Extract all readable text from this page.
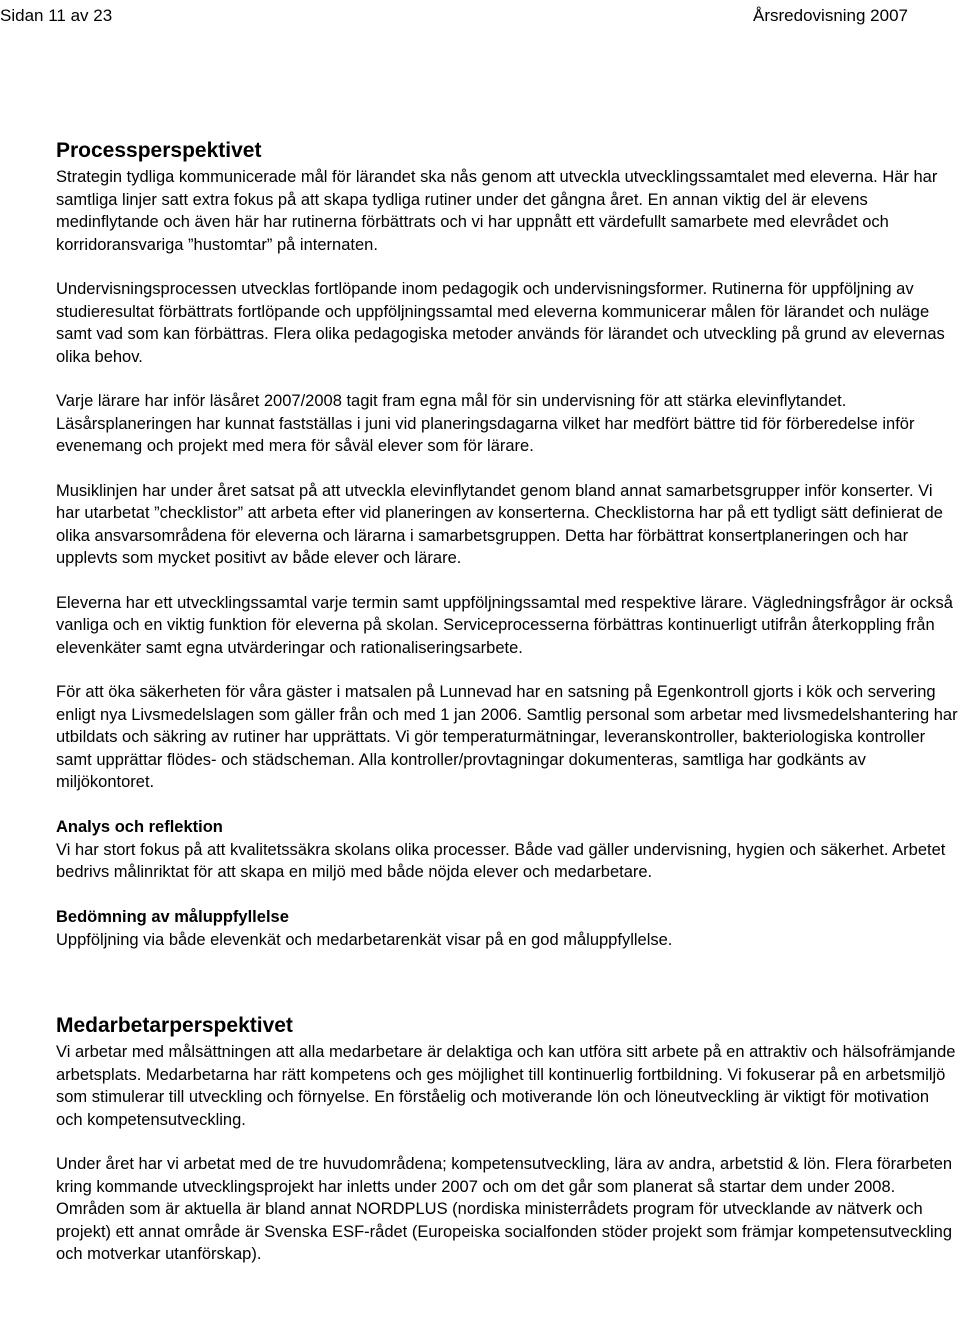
Sidan 11 av 23	Årsredovisning 2007
Processperspektivet

Strategin tydliga kommunicerade mål för lärandet ska nås genom att utveckla utvecklingssamtalet med eleverna. Här har samtliga linjer satt extra fokus på att skapa tydliga rutiner under det gångna året. En annan viktig del är elevens medinflytande och även här har rutinerna förbättrats och vi har uppnått ett värdefullt samarbete med elevrådet och korridoransvariga ”hustomtar” på internaten.

Undervisningsprocessen utvecklas fortlöpande inom pedagogik och undervisningsformer. Rutinerna för uppföljning av studieresultat förbättrats fortlöpande och uppföljningssamtal med eleverna kommunicerar målen för lärandet och nuläge samt vad som kan förbättras. Flera olika pedagogiska metoder används för lärandet och utveckling på grund av elevernas olika behov.

Varje lärare har inför läsåret 2007/2008 tagit fram egna mål för sin undervisning för att stärka elevinflytandet. Läsårsplaneringen har kunnat fastställas i juni vid planeringsdagarna vilket har medfört bättre tid för förberedelse inför evenemang och projekt med mera för såväl elever som för lärare.

Musiklinjen har under året satsat på att utveckla elevinflytandet genom bland annat samarbetsgrupper inför konserter. Vi har utarbetat ”checklistor” att arbeta efter vid planeringen av konserterna. Checklistorna har på ett tydligt sätt definierat de olika ansvarsområdena för eleverna och lärarna i samarbetsgruppen. Detta har förbättrat konsertplaneringen och har upplevts som mycket positivt av både elever och lärare.

Eleverna har ett utvecklingssamtal varje termin samt uppföljningssamtal med respektive lärare. Vägledningsfrågor är också vanliga och en viktig funktion för eleverna på skolan. Serviceprocesserna förbättras kontinuerligt utifrån återkoppling från elevenkäter samt egna utvärderingar och rationaliseringsarbete.

För att öka säkerheten för våra gäster i matsalen på Lunnevad har en satsning på Egenkontroll gjorts i kök och servering enligt nya Livsmedelslagen som gäller från och med 1 jan 2006. Samtlig personal som arbetar med livsmedelshantering har utbildats och säkring av rutiner har upprättats. Vi gör temperaturmätningar, leveranskontroller, bakteriologiska kontroller samt upprättar flödes- och städscheman. Alla kontroller/provtagningar dokumenteras, samtliga har godkänts av miljökontoret.

Analys och reflektion

Vi har stort fokus på att kvalitetssäkra skolans olika processer. Både vad gäller undervisning, hygien och säkerhet. Arbetet bedrivs målinriktat för att skapa en miljö med både nöjda elever och medarbetare.

Bedömning av måluppfyllelse

Uppföljning via både elevenkät och medarbetarenkät visar på en god måluppfyllelse.

Medarbetarperspektivet

Vi arbetar med målsättningen att alla medarbetare är delaktiga och kan utföra sitt arbete på en attraktiv och hälsofrämjande arbetsplats. Medarbetarna har rätt kompetens och ges möjlighet till kontinuerlig fortbildning. Vi fokuserar på en arbetsmiljö som stimulerar till utveckling och förnyelse. En förståelig och motiverande lön och löneutveckling är viktigt för motivation och kompetensutveckling.

Under året har vi arbetat med de tre huvudområdena; kompetensutveckling, lära av andra, arbetstid & lön. Flera förarbeten kring kommande utvecklingsprojekt har inletts under 2007 och om det går som planerat så startar dem under 2008. Områden som är aktuella är bland annat NORDPLUS (nordiska ministerrådets program för utvecklande av nätverk och projekt) ett annat område är Svenska ESF-rådet (Europeiska socialfonden stöder projekt som främjar kompetensutveckling och motverkar utanförskap).
